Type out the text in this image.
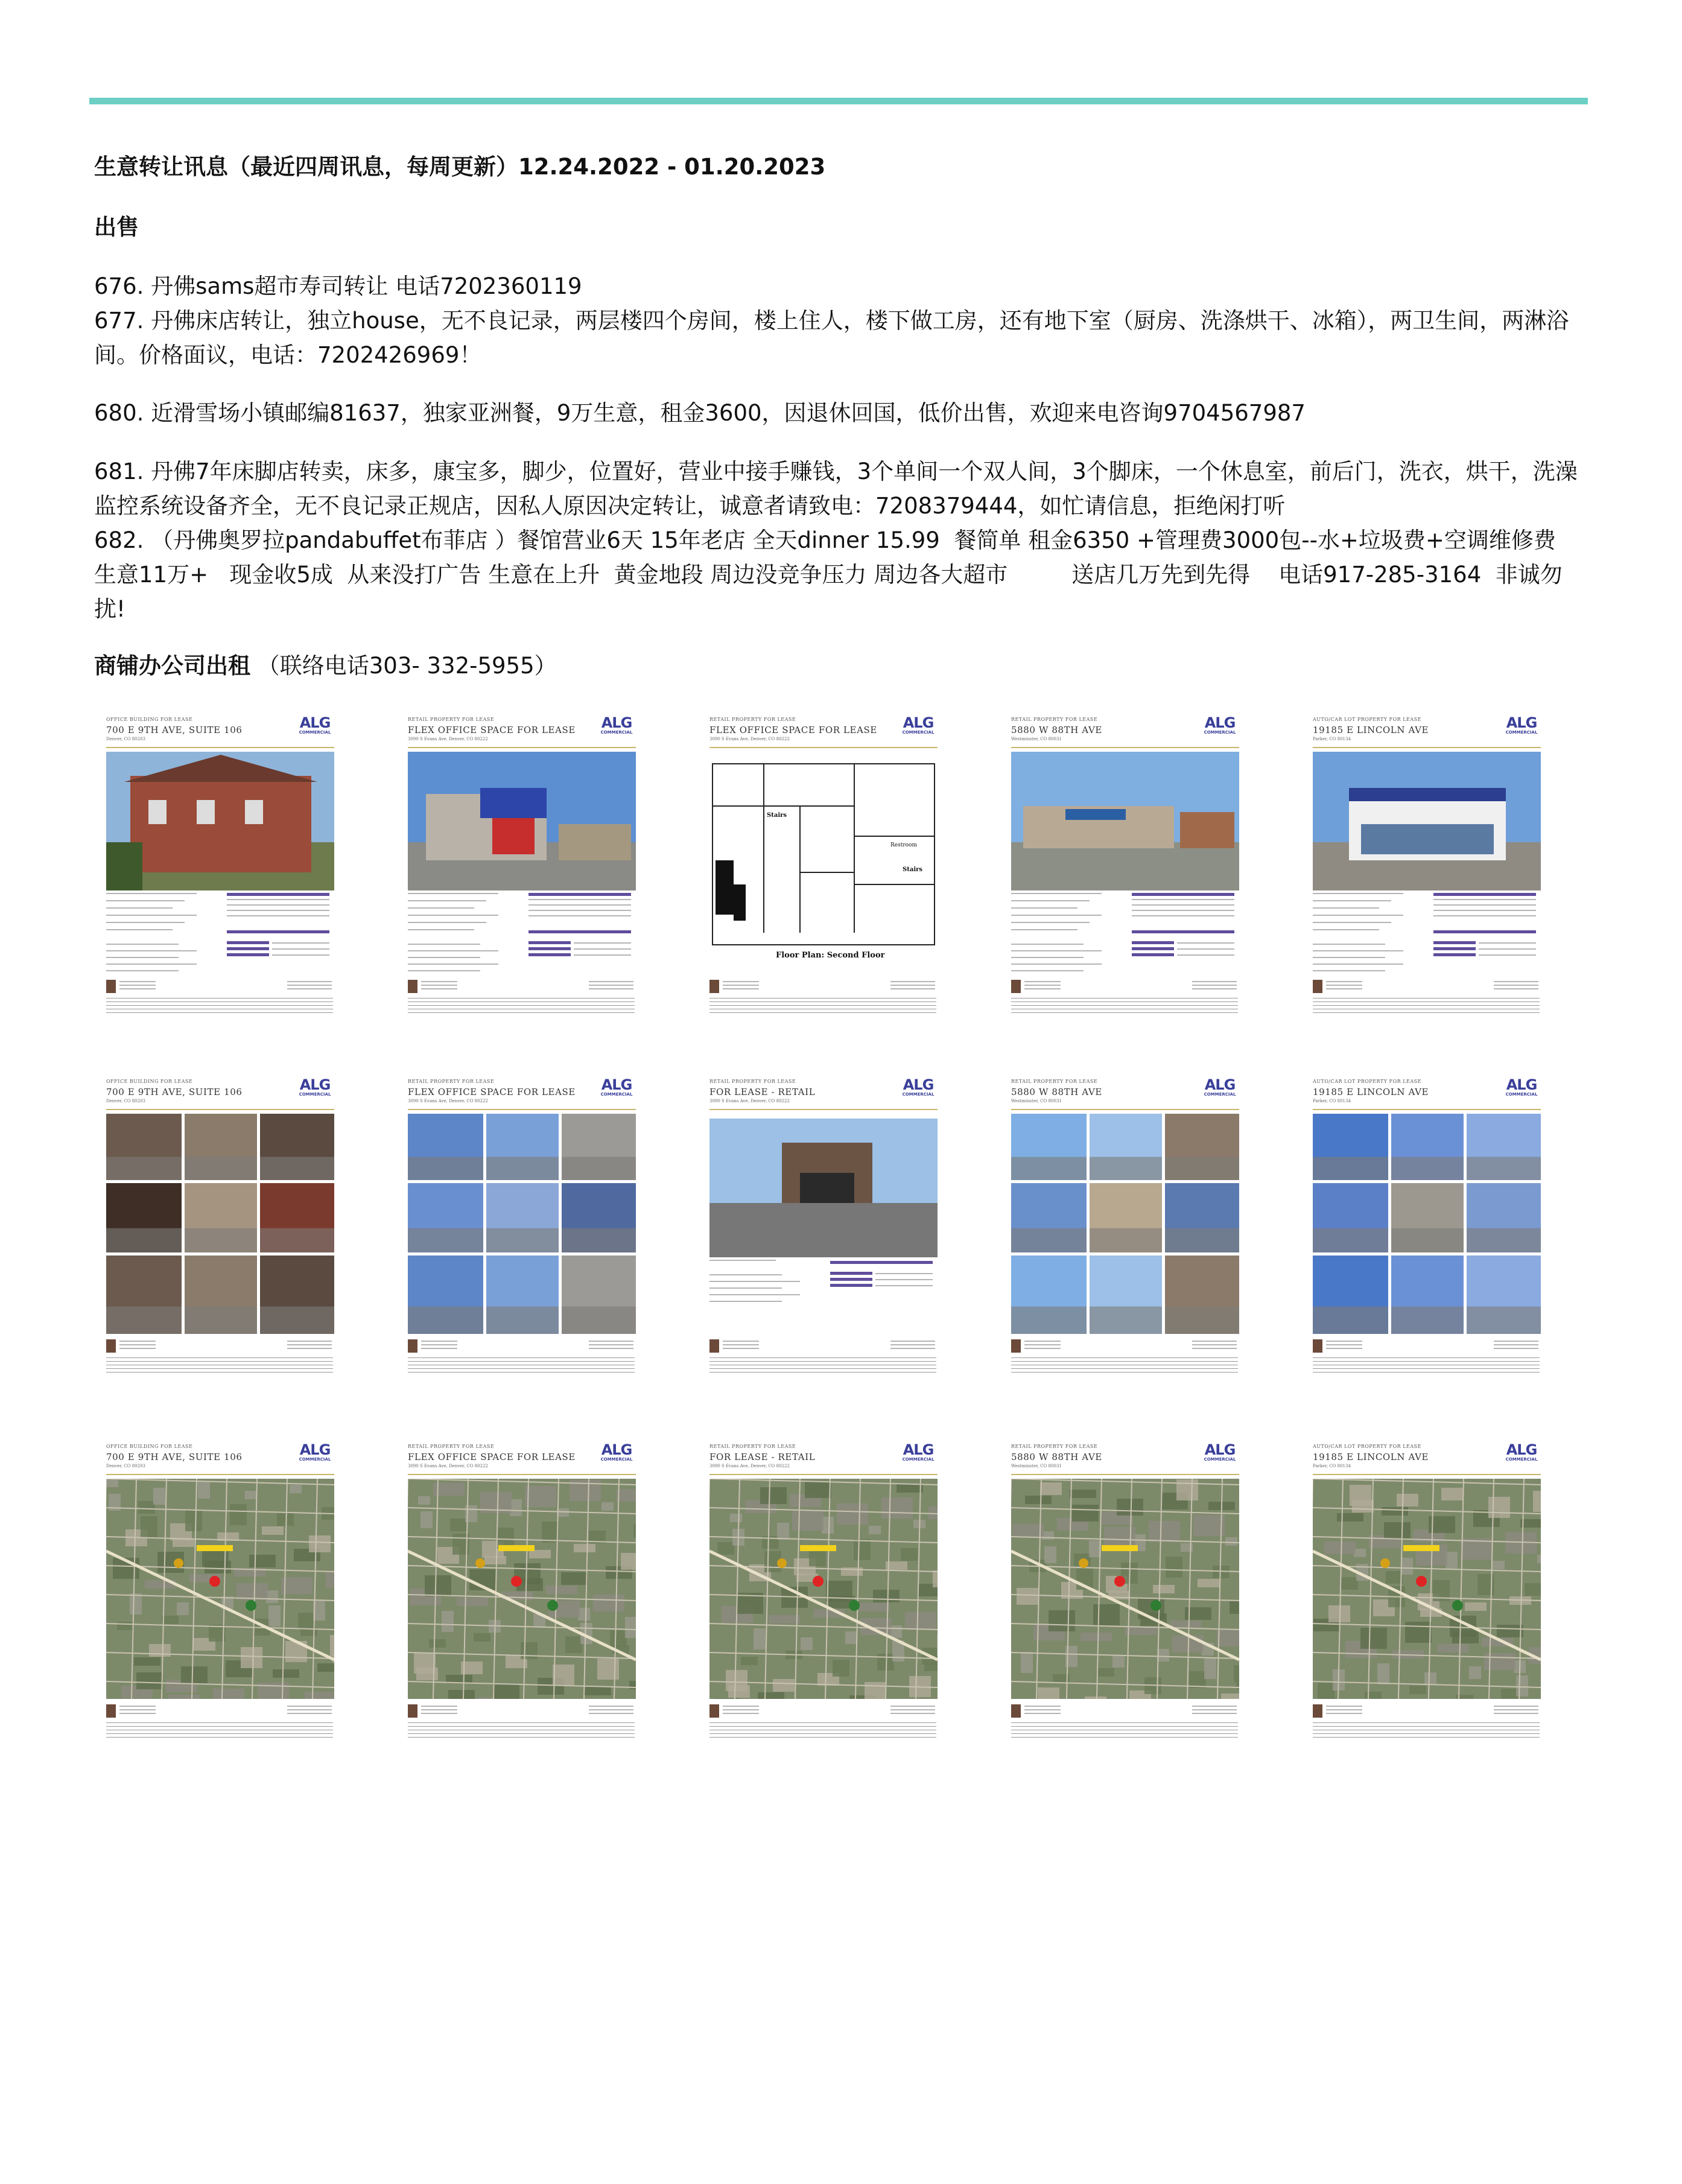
生意转让讯息（最近四周讯息，每周更新）12.24.2022 - 01.20.2023
出售
676. 丹佛sams超市寿司转让 电话7202360119
677. 丹佛床店转让，独立house，无不良记录，两层楼四个房间，楼上住人，楼下做工房，还有地下室（厨房、洗涤烘干、冰箱），两卫生间，两淋浴间。价格面议，电话：7202426969！
680. 近滑雪场小镇邮编81637，独家亚洲餐，9万生意，租金3600，因退休回国，低价出售，欢迎来电咨询9704567987
681. 丹佛7年床脚店转卖，床多，康宝多，脚少，位置好，营业中接手赚钱，3个单间一个双人间，3个脚床，一个休息室，前后门，洗衣，烘干，洗澡监控系统设备齐全，无不良记录正规店，因私人原因决定转让，诚意者请致电：7208379444，如忙请信息，拒绝闲打听
682. （丹佛奥罗拉pandabuffet布菲店 ）餐馆营业6天 15年老店 全天dinner 15.99  餐简单 租金6350 +管理费3000包--水+垃圾费+空调维修费  生意11万+   现金收5成  从来没打广告 生意在上升  黄金地段 周边没竞争压力 周边各大超市         送店几万先到先得    电话917-285-3164  非诚勿扰!
商铺办公司出租 （联络电话303- 332-5955）
OFFICE BUILDING FOR LEASE
700 E 9TH AVE, SUITE 106
Denver, CO 80203
ALG
COMMERCIAL
RETAIL PROPERTY FOR LEASE
FLEX OFFICE SPACE FOR LEASE
3090 S Evans Ave, Denver, CO 80222
ALG
COMMERCIAL
RETAIL PROPERTY FOR LEASE
FLEX OFFICE SPACE FOR LEASE
3090 S Evans Ave, Denver, CO 80222
ALG
COMMERCIAL
Stairs
Stairs
Restroom
Floor Plan: Second Floor
RETAIL PROPERTY FOR LEASE
5880 W 88TH AVE
Westminster, CO 80031
ALG
COMMERCIAL
AUTO/CAR LOT PROPERTY FOR LEASE
19185 E LINCOLN AVE
Parker, CO 80134
ALG
COMMERCIAL
OFFICE BUILDING FOR LEASE
700 E 9TH AVE, SUITE 106
Denver, CO 80203
ALG
COMMERCIAL
RETAIL PROPERTY FOR LEASE
FLEX OFFICE SPACE FOR LEASE
3090 S Evans Ave, Denver, CO 80222
ALG
COMMERCIAL
RETAIL PROPERTY FOR LEASE
FOR LEASE - RETAIL
3090 S Evans Ave, Denver, CO 80222
ALG
COMMERCIAL
RETAIL PROPERTY FOR LEASE
5880 W 88TH AVE
Westminster, CO 80031
ALG
COMMERCIAL
AUTO/CAR LOT PROPERTY FOR LEASE
19185 E LINCOLN AVE
Parker, CO 80134
ALG
COMMERCIAL
OFFICE BUILDING FOR LEASE
700 E 9TH AVE, SUITE 106
Denver, CO 80203
ALG
COMMERCIAL
RETAIL PROPERTY FOR LEASE
FLEX OFFICE SPACE FOR LEASE
3090 S Evans Ave, Denver, CO 80222
ALG
COMMERCIAL
RETAIL PROPERTY FOR LEASE
FOR LEASE - RETAIL
3090 S Evans Ave, Denver, CO 80222
ALG
COMMERCIAL
RETAIL PROPERTY FOR LEASE
5880 W 88TH AVE
Westminster, CO 80031
ALG
COMMERCIAL
AUTO/CAR LOT PROPERTY FOR LEASE
19185 E LINCOLN AVE
Parker, CO 80134
ALG
COMMERCIAL
